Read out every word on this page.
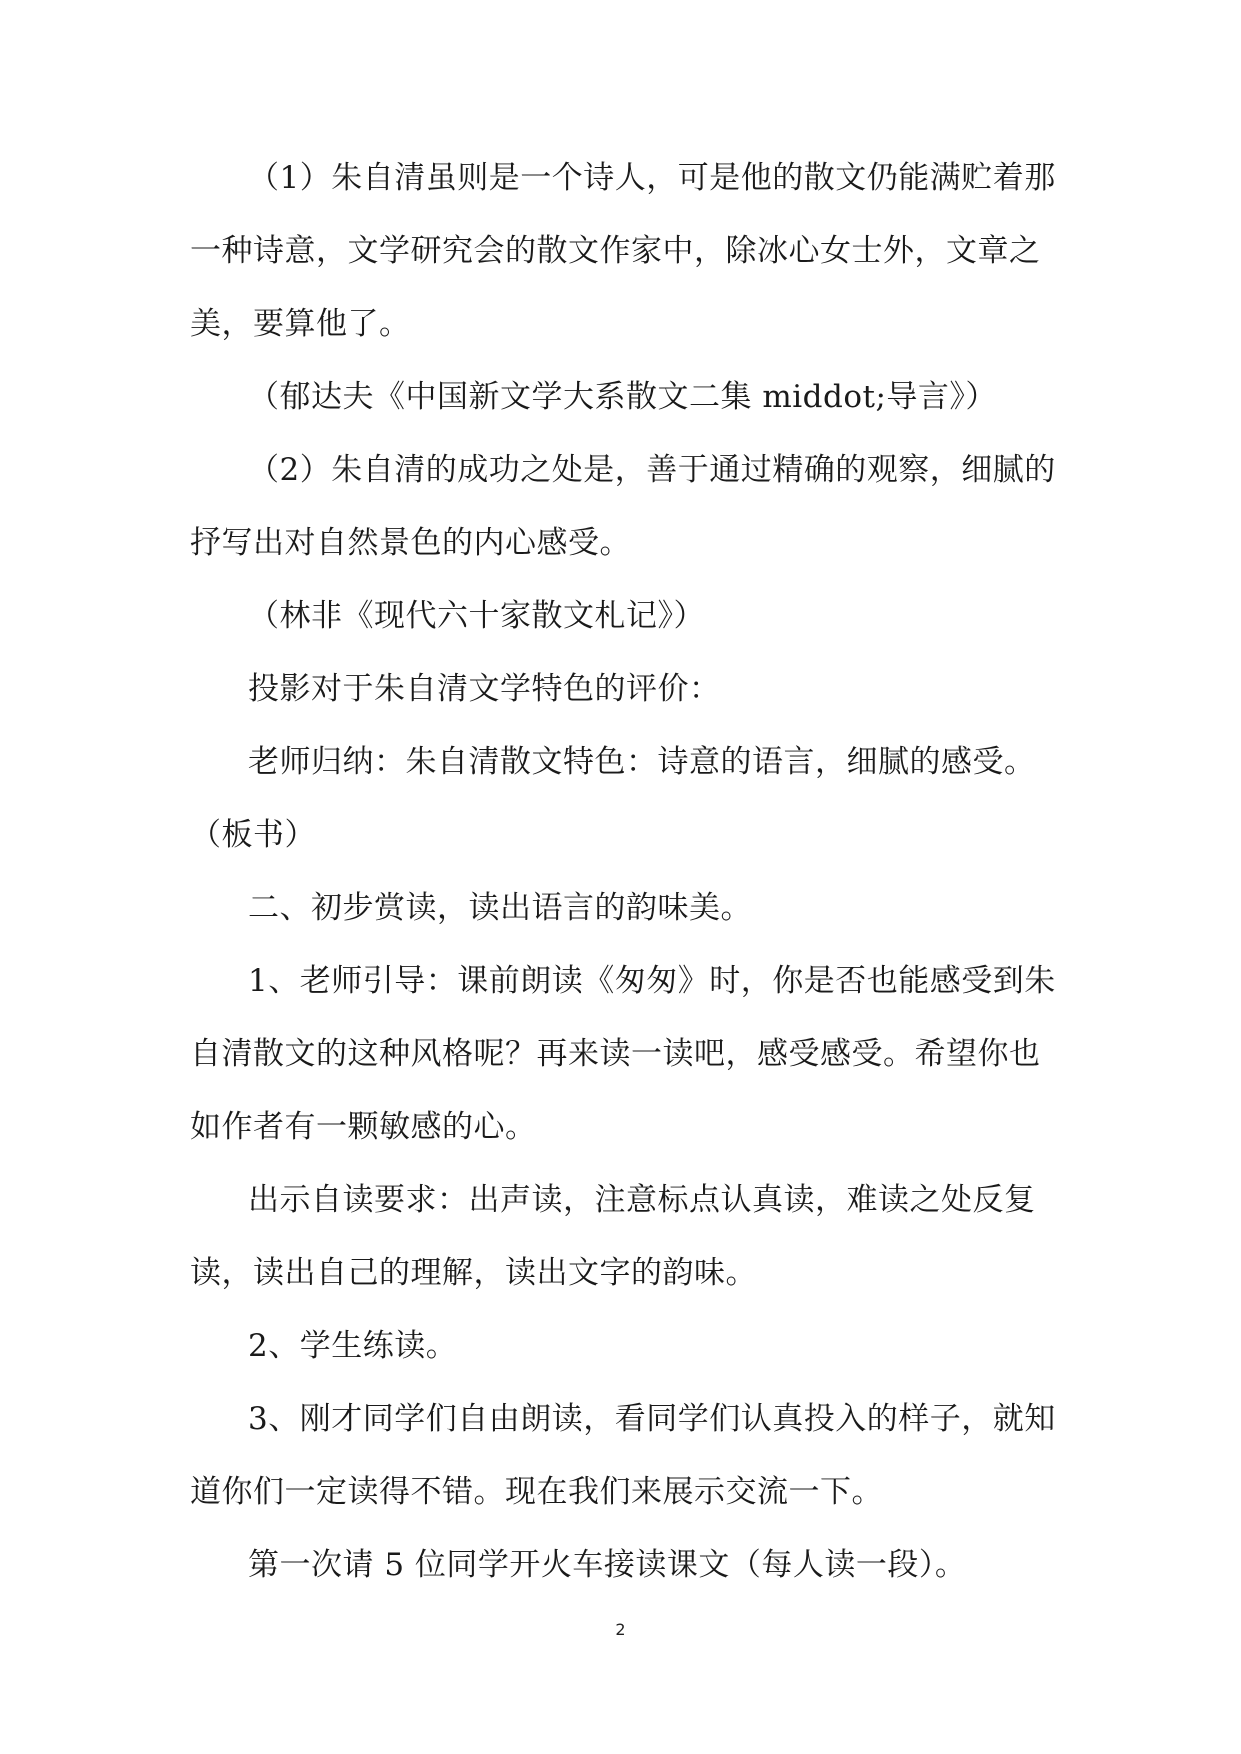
（1）朱自清虽则是一个诗人，可是他的散文仍能满贮着那一种诗意，文学研究会的散文作家中，除冰心女士外，文章之美，要算他了。

（郁达夫《中国新文学大系散文二集 middot;导言》）

（2）朱自清的成功之处是，善于通过精确的观察，细腻的抒写出对自然景色的内心感受。

（林非《现代六十家散文札记》）

投影对于朱自清文学特色的评价：

老师归纳：朱自清散文特色：诗意的语言，细腻的感受。（板书）

二、初步赏读，读出语言的韵味美。

1、老师引导：课前朗读《匆匆》时，你是否也能感受到朱自清散文的这种风格呢？再来读一读吧，感受感受。希望你也如作者有一颗敏感的心。

出示自读要求：出声读，注意标点认真读，难读之处反复读，读出自己的理解，读出文字的韵味。

2、学生练读。

3、刚才同学们自由朗读，看同学们认真投入的样子，就知道你们一定读得不错。现在我们来展示交流一下。

第一次请 5 位同学开火车接读课文（每人读一段）。

2
